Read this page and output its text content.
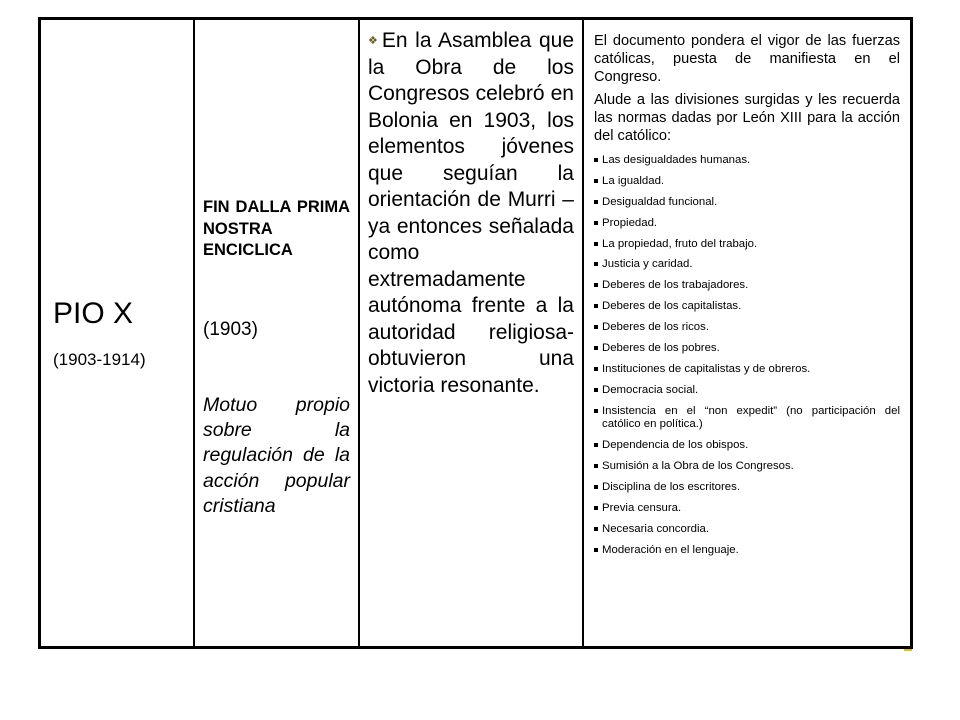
PIO X
(1903-1914)
FIN DALLA PRIMA NOSTRA ENCICLICA
(1903)
Motuo propio sobre la regulación de la acción popular cristiana
❖ En la Asamblea que la Obra de los Congresos celebró en Bolonia en 1903, los elementos jóvenes que seguían la orientación de Murri –ya entonces señalada como extremadamente autónoma frente a la autoridad religiosa- obtuvieron una victoria resonante.

El documento pondera el vigor de las fuerzas católicas, puesta de manifiesta en el Congreso.

Alude a las divisiones surgidas y les recuerda las normas dadas por León XIII para la acción del católico:

Las desigualdades humanas.
La igualdad.
Desigualdad funcional.
Propiedad.
La propiedad, fruto del trabajo.
Justicia y caridad.
Deberes de los trabajadores.
Deberes de los capitalistas.
Deberes de los ricos.
Deberes de los pobres.
Instituciones de capitalistas y de obreros.
Democracia social.
Insistencia en el “non expedit” (no participación del católico en política.)
Dependencia de los obispos.
Sumisión a la Obra de los Congresos.
Disciplina de los escritores.
Previa censura.
Necesaria concordia.
Moderación en el lenguaje.
